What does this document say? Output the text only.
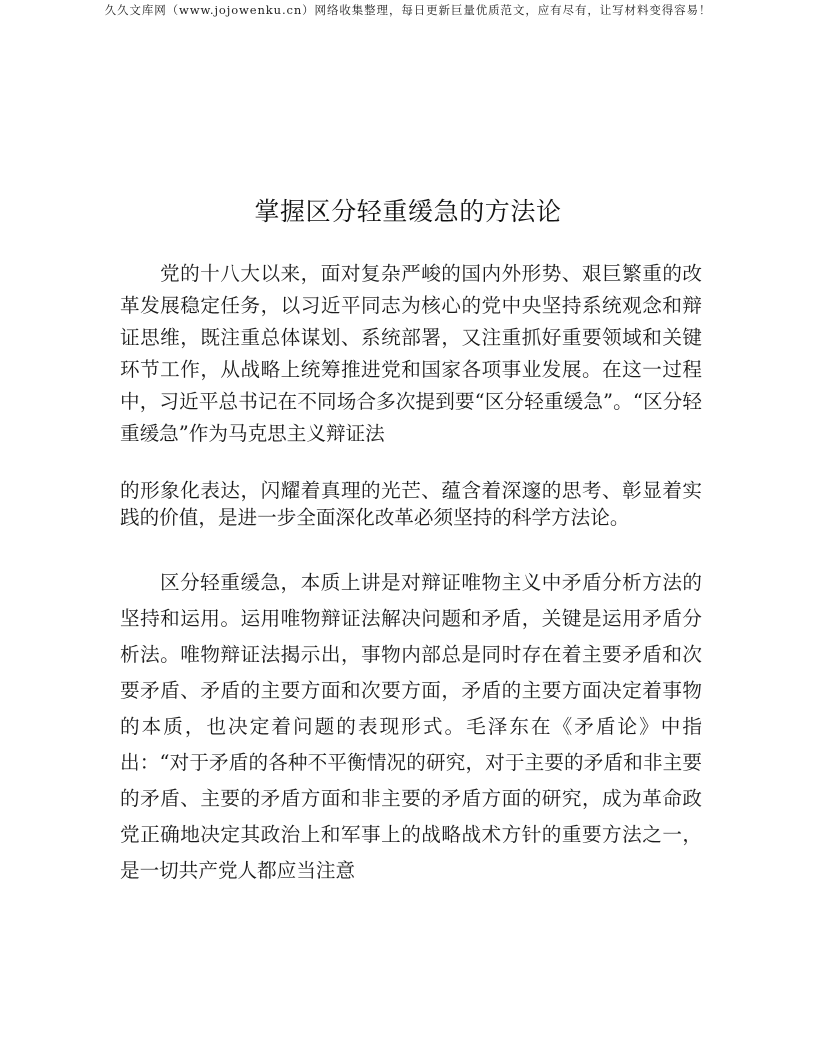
久久文库网（www.jojowenku.cn）网络收集整理，每日更新巨量优质范文，应有尽有，让写材料变得容易！
掌握区分轻重缓急的方法论

党的十八大以来，面对复杂严峻的国内外形势、艰巨繁重的改革发展稳定任务，以习近平同志为核心的党中央坚持系统观念和辩证思维，既注重总体谋划、系统部署，又注重抓好重要领域和关键环节工作，从战略上统筹推进党和国家各项事业发展。在这一过程中，习近平总书记在不同场合多次提到要“区分轻重缓急”。“区分轻重缓急”作为马克思主义辩证法

的形象化表达，闪耀着真理的光芒、蕴含着深邃的思考、彰显着实践的价值，是进一步全面深化改革必须坚持的科学方法论。

区分轻重缓急，本质上讲是对辩证唯物主义中矛盾分析方法的坚持和运用。运用唯物辩证法解决问题和矛盾，关键是运用矛盾分析法。唯物辩证法揭示出，事物内部总是同时存在着主要矛盾和次要矛盾、矛盾的主要方面和次要方面，矛盾的主要方面决定着事物的本质，也决定着问题的表现形式。毛泽东在《矛盾论》中指出：“对于矛盾的各种不平衡情况的研究，对于主要的矛盾和非主要的矛盾、主要的矛盾方面和非主要的矛盾方面的研究，成为革命政党正确地决定其政治上和军事上的战略战术方针的重要方法之一，是一切共产党人都应当注意
